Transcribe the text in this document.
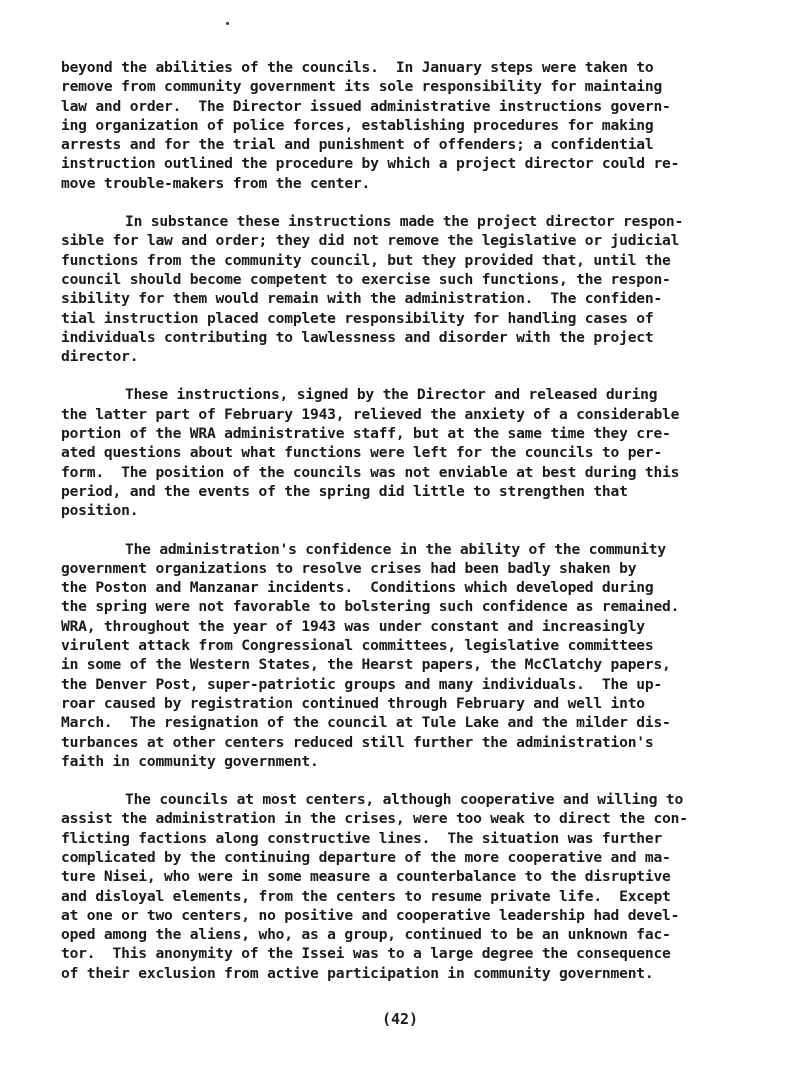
beyond the abilities of the councils.  In January steps were taken to
remove from community government its sole responsibility for maintaing
law and order.  The Director issued administrative instructions govern-
ing organization of police forces, establishing procedures for making
arrests and for the trial and punishment of offenders; a confidential
instruction outlined the procedure by which a project director could re-
move trouble-makers from the center.
In substance these instructions made the project director respon-
sible for law and order; they did not remove the legislative or judicial
functions from the community council, but they provided that, until the
council should become competent to exercise such functions, the respon-
sibility for them would remain with the administration.  The confiden-
tial instruction placed complete responsibility for handling cases of
individuals contributing to lawlessness and disorder with the project
director.
These instructions, signed by the Director and released during
the latter part of February 1943, relieved the anxiety of a considerable
portion of the WRA administrative staff, but at the same time they cre-
ated questions about what functions were left for the councils to per-
form.  The position of the councils was not enviable at best during this
period, and the events of the spring did little to strengthen that
position.
The administration's confidence in the ability of the community
government organizations to resolve crises had been badly shaken by
the Poston and Manzanar incidents.  Conditions which developed during
the spring were not favorable to bolstering such confidence as remained.
WRA, throughout the year of 1943 was under constant and increasingly
virulent attack from Congressional committees, legislative committees
in some of the Western States, the Hearst papers, the McClatchy papers,
the Denver Post, super-patriotic groups and many individuals.  The up-
roar caused by registration continued through February and well into
March.  The resignation of the council at Tule Lake and the milder dis-
turbances at other centers reduced still further the administration's
faith in community government.
The councils at most centers, although cooperative and willing to
assist the administration in the crises, were too weak to direct the con-
flicting factions along constructive lines.  The situation was further
complicated by the continuing departure of the more cooperative and ma-
ture Nisei, who were in some measure a counterbalance to the disruptive
and disloyal elements, from the centers to resume private life.  Except
at one or two centers, no positive and cooperative leadership had devel-
oped among the aliens, who, as a group, continued to be an unknown fac-
tor.  This anonymity of the Issei was to a large degree the consequence
of their exclusion from active participation in community government.
(42)
